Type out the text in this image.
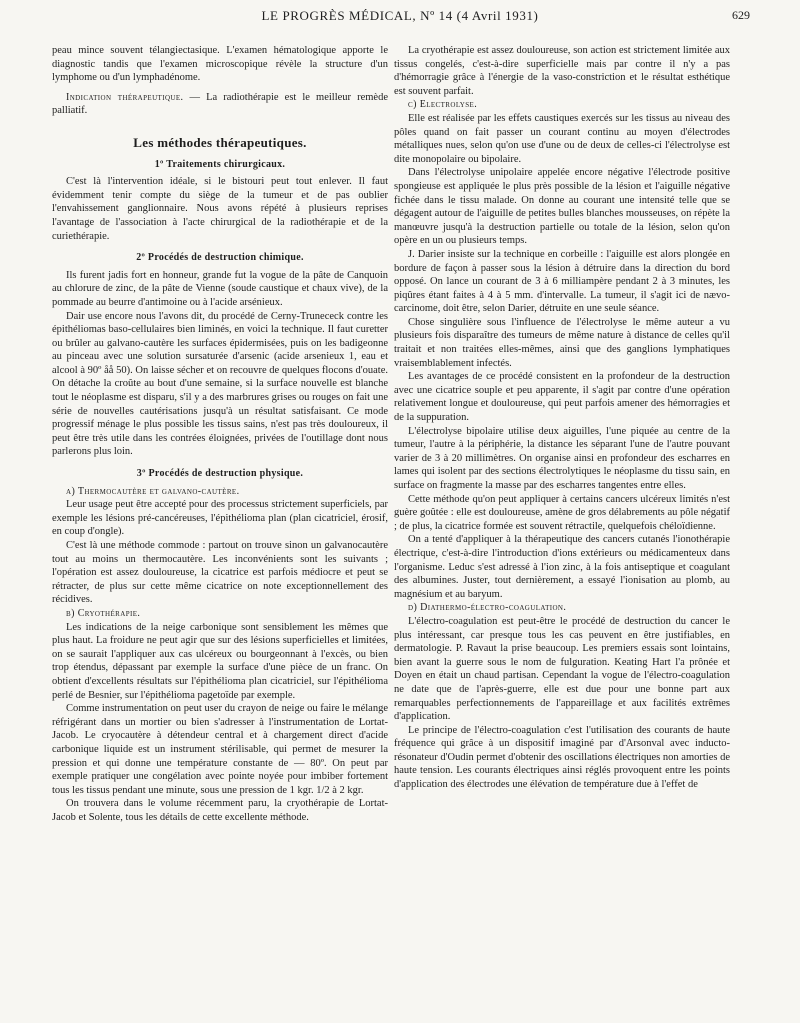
LE PROGRÈS MÉDICAL, Nº 14 (4 Avril 1931)	629

peau mince souvent télangiectasique. L'examen hématologique apporte le diagnostic tandis que l'examen microscopique révèle la structure d'un lymphome ou d'un lymphadénome.

Indication thérapeutique. — La radiothérapie est le meilleur remède palliatif.

Les méthodes thérapeutiques.
1º Traitements chirurgicaux.

C'est là l'intervention idéale, si le bistouri peut tout enlever. Il faut évidemment tenir compte du siège de la tumeur et de pas oublier l'envahissement ganglionnaire. Nous avons répété à plusieurs reprises l'avantage de l'association à l'acte chirurgical de la radiothérapie et de la curiethérapie.

2º Procédés de destruction chimique.

Ils furent jadis fort en honneur, grande fut la vogue de la pâte de Canquoin au chlorure de zinc, de la pâte de Vienne (soude caustique et chaux vive), de la pommade au beurre d'antimoine ou à l'acide arsénieux.

Dair use encore nous l'avons dit, du procédé de Cerny-Trunececk contre les épithéliomas baso-cellulaires bien liminés, en voici la technique. Il faut curetter ou brûler au galvano-cautère les surfaces épidermisées, puis on les badigeonne au pinceau avec une solution sursaturée d'arsenic (acide arsenieux 1, eau et alcool à 90º åå 50). On laisse sécher et on recouvre de quelques flocons d'ouate. On détache la croûte au bout d'une semaine, si la surface nouvelle est blanche tout le néoplasme est disparu, s'il y a des marbrures grises ou rouges on fait une série de nouvelles cautérisations jusqu'à un résultat satisfaisant. Ce mode progressif ménage le plus possible les tissus sains, n'est pas très douloureux, il peut être très utile dans les contrées éloignées, privées de l'outillage dont nous parlerons plus loin.

3º Procédés de destruction physique.

a) Thermocautère et galvano-cautère.

Leur usage peut être accepté pour des processus strictement superficiels, par exemple les lésions pré-cancéreuses, l'épithélioma plan (plan cicatriciel, érosif, en coup d'ongle).

C'est là une méthode commode : partout on trouve sinon un galvanocautère tout au moins un thermocautère. Les inconvénients sont les suivants ; l'opération est assez douloureuse, la cicatrice est parfois médiocre et peut se rétracter, de plus sur cette même cicatrice on note exceptionnellement des récidives.

b) Cryothérapie.

Les indications de la neige carbonique sont sensiblement les mêmes que plus haut. La froidure ne peut agir que sur des lésions superficielles et limitées, on se saurait l'appliquer aux cas ulcéreux ou bourgeonnant à l'excès, ou bien trop étendus, dépassant par exemple la surface d'une pièce de un franc. On obtient d'excellents résultats sur l'épithélioma plan cicatriciel, sur l'épithélioma perlé de Besnier, sur l'épithélioma pagetoïde par exemple.

Comme instrumentation on peut user du crayon de neige ou faire le mélange réfrigérant dans un mortier ou bien s'adresser à l'instrumentation de Lortat-Jacob. Le cryocautère à détendeur central et à chargement direct d'acide carbonique liquide est un instrument stérilisable, qui permet de mesurer la pression et qui donne une température constante de — 80º. On peut par exemple pratiquer une congélation avec pointe noyée pour imbiber fortement tous les tissus pendant une minute, sous une pression de 1 kgr. 1/2 à 2 kgr.

On trouvera dans le volume récemment paru, la cryothérapie de Lortat-Jacob et Solente, tous les détails de cette excellente méthode.

La cryothérapie est assez douloureuse, son action est strictement limitée aux tissus congelés, c'est-à-dire superficielle mais par contre il n'y a pas d'hémorragie grâce à l'énergie de la vaso-constriction et le résultat esthétique est souvent parfait.

c) Electrolyse.

Elle est réalisée par les effets caustiques exercés sur les tissus au niveau des pôles quand on fait passer un courant continu au moyen d'électrodes métalliques nues, selon qu'on use d'une ou de deux de celles-ci l'électrolyse est dite monopolaire ou bipolaire.

Dans l'électrolyse unipolaire appelée encore négative l'électrode positive spongieuse est appliquée le plus près possible de la lésion et l'aiguille négative fichée dans le tissu malade. On donne au courant une intensité telle que se dégagent autour de l'aiguille de petites bulles blanches mousseuses, on répète la manœuvre jusqu'à la destruction partielle ou totale de la lésion, selon qu'on opère en un ou plusieurs temps.

J. Darier insiste sur la technique en corbeille : l'aiguille est alors plongée en bordure de façon à passer sous la lésion à détruire dans la direction du bord opposé. On lance un courant de 3 à 6 milliampère pendant 2 à 3 minutes, les piqûres étant faites à 4 à 5 mm. d'intervalle. La tumeur, il s'agit ici de nævo-carcinome, doit être, selon Darier, détruite en une seule séance.

Chose singulière sous l'influence de l'électrolyse le même auteur a vu plusieurs fois disparaître des tumeurs de même nature à distance de celles qu'il traitait et non traitées elles-mêmes, ainsi que des ganglions lymphatiques vraisemblablement infectés.

Les avantages de ce procédé consistent en la profondeur de la destruction avec une cicatrice souple et peu apparente, il s'agit par contre d'une opération relativement longue et douloureuse, qui peut parfois amener des hémorragies et de la suppuration.

L'électrolyse bipolaire utilise deux aiguilles, l'une piquée au centre de la tumeur, l'autre à la périphérie, la distance les séparant l'une de l'autre pouvant varier de 3 à 20 millimètres. On organise ainsi en profondeur des escharres en lames qui isolent par des sections électrolytiques le néoplasme du tissu sain, en surface on fragmente la masse par des escharres tangentes entre elles.

Cette méthode qu'on peut appliquer à certains cancers ulcéreux limités n'est guère goûtée : elle est douloureuse, amène de gros délabrements au pôle négatif ; de plus, la cicatrice formée est souvent rétractile, quelquefois chéloïdienne.

On a tenté d'appliquer à la thérapeutique des cancers cutanés l'ionothérapie électrique, c'est-à-dire l'introduction d'ions extérieurs ou médicamenteux dans l'organisme. Leduc s'est adressé à l'ion zinc, à la fois antiseptique et coagulant des albumines. Juster, tout dernièrement, a essayé l'ionisation au plomb, au magnésium et au baryum.

d) Diathermo-électro-coagulation.

L'électro-coagulation est peut-être le procédé de destruction du cancer le plus intéressant, car presque tous les cas peuvent en être justifiables, en dermatologie. P. Ravaut la prise beaucoup. Les premiers essais sont lointains, bien avant la guerre sous le nom de fulguration. Keating Hart l'a prônée et Doyen en était un chaud partisan. Cependant la vogue de l'électro-coagulation ne date que de l'après-guerre, elle est due pour une bonne part aux remarquables perfectionnements de l'appareillage et aux facilités extrêmes d'application.

Le principe de l'électro-coagulation c'est l'utilisation des courants de haute fréquence qui grâce à un dispositif imaginé par d'Arsonval avec inducto-résonateur d'Oudin permet d'obtenir des oscillations électriques non amorties de haute tension. Les courants électriques ainsi réglés provoquent entre les points d'application des électrodes une élévation de température due à l'effet de
